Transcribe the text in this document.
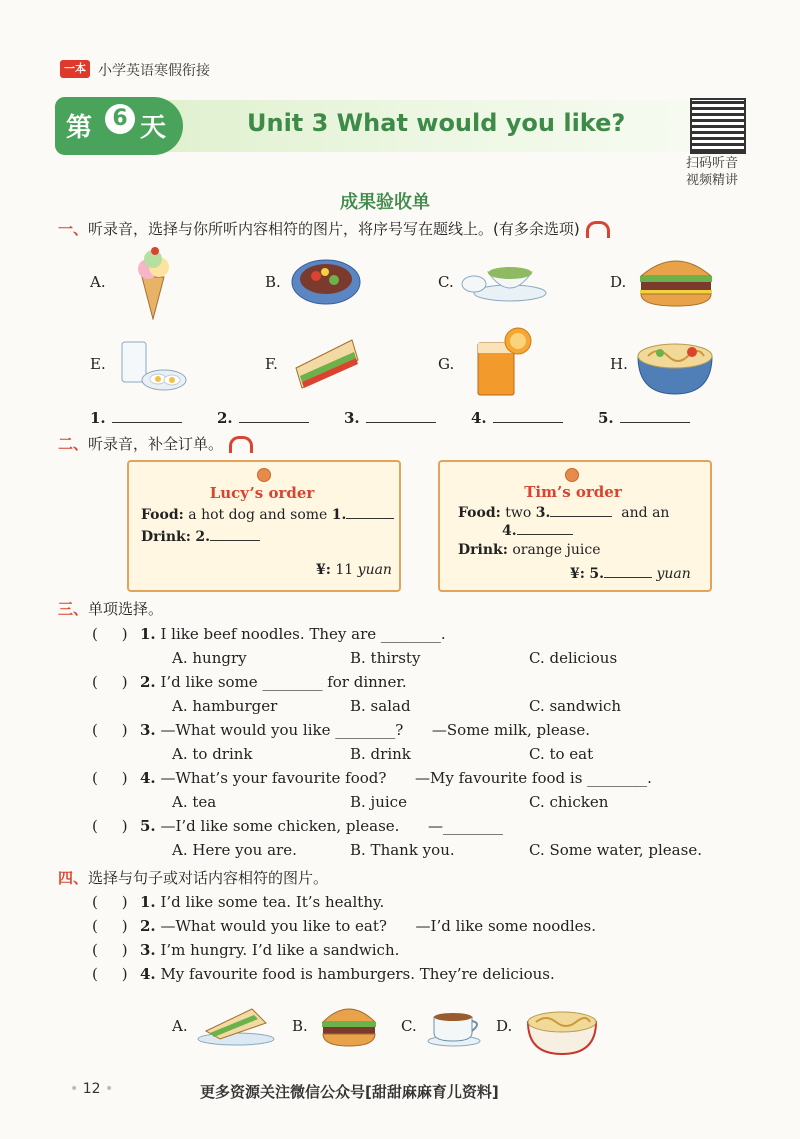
一本 小学英语寒假衔接
第 6 天	Unit 3 What would you like?
扫码听音
视频精讲
成果验收单
一、听录音，选择与你所听内容相符的图片，将序号写在题线上。(有多余选项)
A.	B.	C.	D.
E.	F.	G.	H.
1.	2.	3.	4.	5.
二、听录音，补全订单。
Lucy’s order
Food: a hot dog and some 1.
Drink: 2.
¥: 11 yuan
Tim’s order
Food: two 3.	and an
4.
Drink: orange juice
¥: 5.	yuan
三、单项选择。
(     ) 1. I like beef noodles. They are ________.
A. hungry	B. thirsty	C. delicious
(     ) 2. I’d like some ________ for dinner.
A. hamburger	B. salad	C. sandwich
(     ) 3. —What would you like ________?      —Some milk, please.
A. to drink	B. drink	C. to eat
(     ) 4. —What’s your favourite food?      —My favourite food is ________.
A. tea	B. juice	C. chicken
(     ) 5. —I’d like some chicken, please.      —________
A. Here you are.	B. Thank you.	C. Some water, please.
四、选择与句子或对话内容相符的图片。
(     ) 1. I’d like some tea. It’s healthy.
(     ) 2. —What would you like to eat?      —I’d like some noodles.
(     ) 3. I’m hungry. I’d like a sandwich.
(     ) 4. My favourite food is hamburgers. They’re delicious.
A.	B.	C.	D.
• 12 •	更多资源关注微信公众号[甜甜麻麻育儿资料]
